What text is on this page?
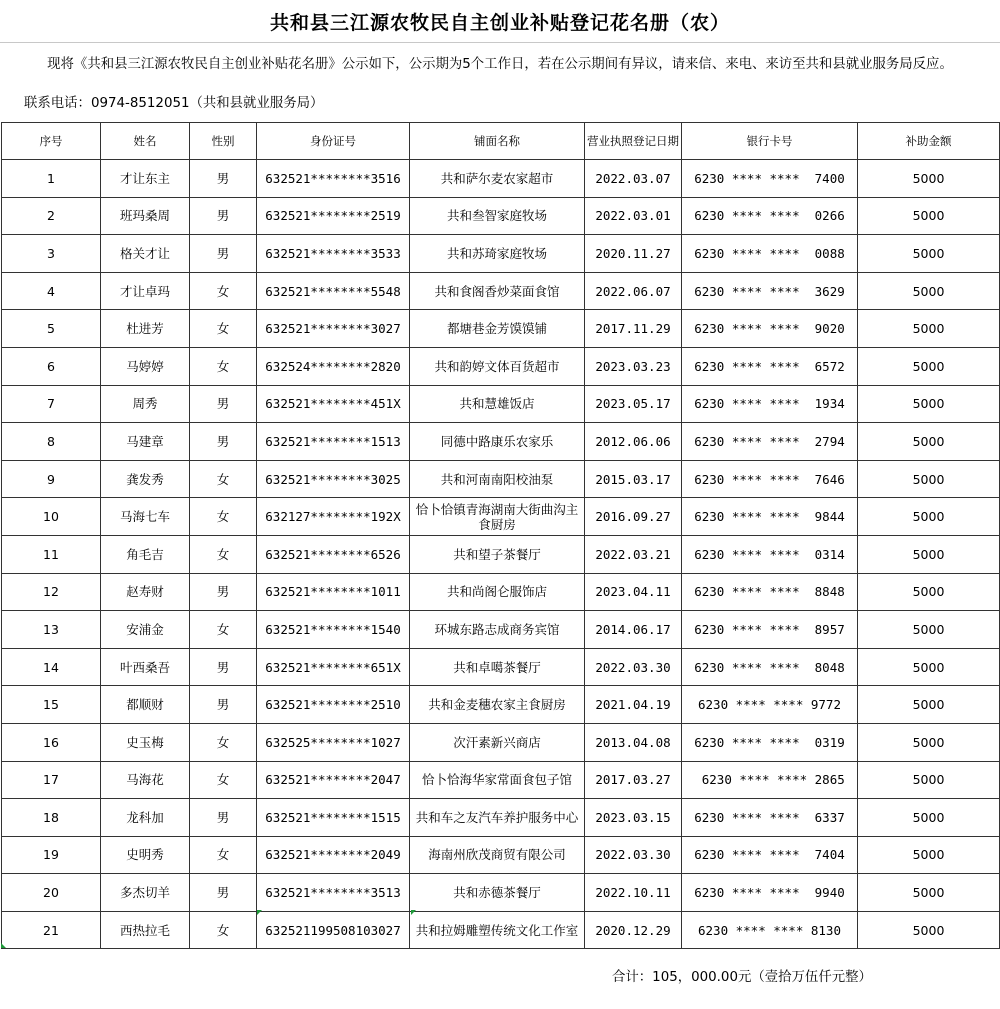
共和县三江源农牧民自主创业补贴登记花名册（农）
现将《共和县三江源农牧民自主创业补贴花名册》公示如下，公示期为5个工作日，若在公示期间有异议，请来信、来电、来访至共和县就业服务局反应。
联系电话：0974-8512051（共和县就业服务局）
序号	姓名	性别	身份证号	铺面名称	营业执照登记日期	银行卡号	补助金额
1	才让东主	男	632521********3516	共和萨尔麦农家超市	2022.03.07	6230 **** ****  7400	5000
2	班玛桑周	男	632521********2519	共和叁智家庭牧场	2022.03.01	6230 **** ****  0266	5000
3	格关才让	男	632521********3533	共和苏琦家庭牧场	2020.11.27	6230 **** ****  0088	5000
4	才让卓玛	女	632521********5548	共和食阁香炒菜面食馆	2022.06.07	6230 **** ****  3629	5000
5	杜进芳	女	632521********3027	都塘巷金芳馍馍铺	2017.11.29	6230 **** ****  9020	5000
6	马婷婷	女	632524********2820	共和韵婷文体百货超市	2023.03.23	6230 **** ****  6572	5000
7	周秀	男	632521********451X	共和慧雄饭店	2023.05.17	6230 **** ****  1934	5000
8	马建章	男	632521********1513	同德中路康乐农家乐	2012.06.06	6230 **** ****  2794	5000
9	龚发秀	女	632521********3025	共和河南南阳校油泵	2015.03.17	6230 **** ****  7646	5000
10	马海七车	女	632127********192X	恰卜恰镇青海湖南大街曲沟主食厨房	2016.09.27	6230 **** ****  9844	5000
11	角毛吉	女	632521********6526	共和望子茶餐厅	2022.03.21	6230 **** ****  0314	5000
12	赵寿财	男	632521********1011	共和尚阁仑服饰店	2023.04.11	6230 **** ****  8848	5000
13	安浦金	女	632521********1540	环城东路志成商务宾馆	2014.06.17	6230 **** ****  8957	5000
14	叶西桑吾	男	632521********651X	共和卓噶茶餐厅	2022.03.30	6230 **** ****  8048	5000
15	都顺财	男	632521********2510	共和金麦穗农家主食厨房	2021.04.19	6230 **** **** 9772	5000
16	史玉梅	女	632525********1027	次汗素新兴商店	2013.04.08	6230 **** ****  0319	5000
17	马海花	女	632521********2047	恰卜恰海华家常面食包子馆	2017.03.27	6230 **** **** 2865	5000
18	龙科加	男	632521********1515	共和车之友汽车养护服务中心	2023.03.15	6230 **** ****  6337	5000
19	史明秀	女	632521********2049	海南州欣茂商贸有限公司	2022.03.30	6230 **** ****  7404	5000
20	多杰切羊	男	632521********3513	共和赤德茶餐厅	2022.10.11	6230 **** ****  9940	5000
21	西热拉毛	女	632521199508103027	共和拉姆雕塑传统文化工作室	2020.12.29	6230 **** **** 8130	5000
合计：105，000.00元（壹拾万伍仟元整）
